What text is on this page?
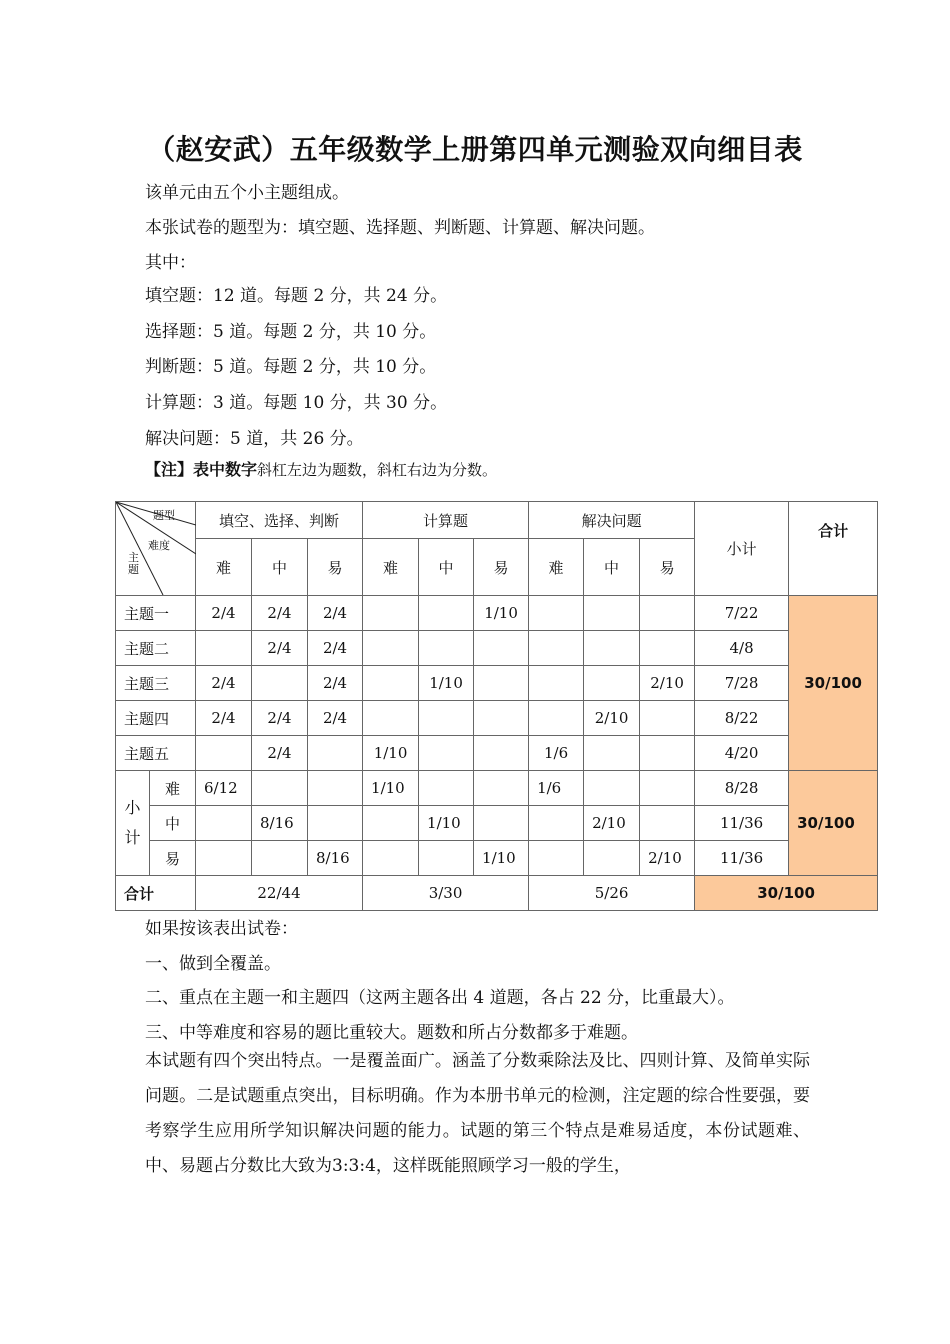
（赵安武）五年级数学上册第四单元测验双向细目表
该单元由五个小主题组成。
本张试卷的题型为：填空题、选择题、判断题、计算题、解决问题。
其中：
填空题：12 道。每题 2 分，共 24 分。
选择题：5 道。每题 2 分，共 10 分。
判断题：5 道。每题 2 分，共 10 分。
计算题：3 道。每题 10 分，共 30 分。
解决问题：5 道，共 26 分。
【注】表中数字斜杠左边为题数，斜杠右边为分数。
题型
难度
主题		填空、选择、判断			计算题			解决问题			小计	合计
		难	中	易	难	中	易	难	中	易		
主题一		2/4	2/4	2/4			1/10				7/22	30/100
主题二			2/4	2/4							4/8	
主题三		2/4		2/4		1/10				2/10	7/28	
主题四		2/4	2/4	2/4					2/10		8/22	
主题五			2/4		1/10			1/6			4/20	
小计	难	6/12			1/10			1/6			8/28	30/100
	中		8/16			1/10			2/10		11/36	
	易			8/16			1/10			2/10	11/36	
合计		22/44			3/30			5/26			30/100	
如果按该表出试卷：
一、做到全覆盖。
二、重点在主题一和主题四（这两主题各出 4 道题，各占 22 分，比重最大）。
三、中等难度和容易的题比重较大。题数和所占分数都多于难题。
本试题有四个突出特点。一是覆盖面广。涵盖了分数乘除法及比、四则计算、及简单实际问题。二是试题重点突出，目标明确。作为本册书单元的检测，注定题的综合性要强，要考察学生应用所学知识解决问题的能力。试题的第三个特点是难易适度，本份试题难、中、易题占分数比大致为3:3:4，这样既能照顾学习一般的学生，
